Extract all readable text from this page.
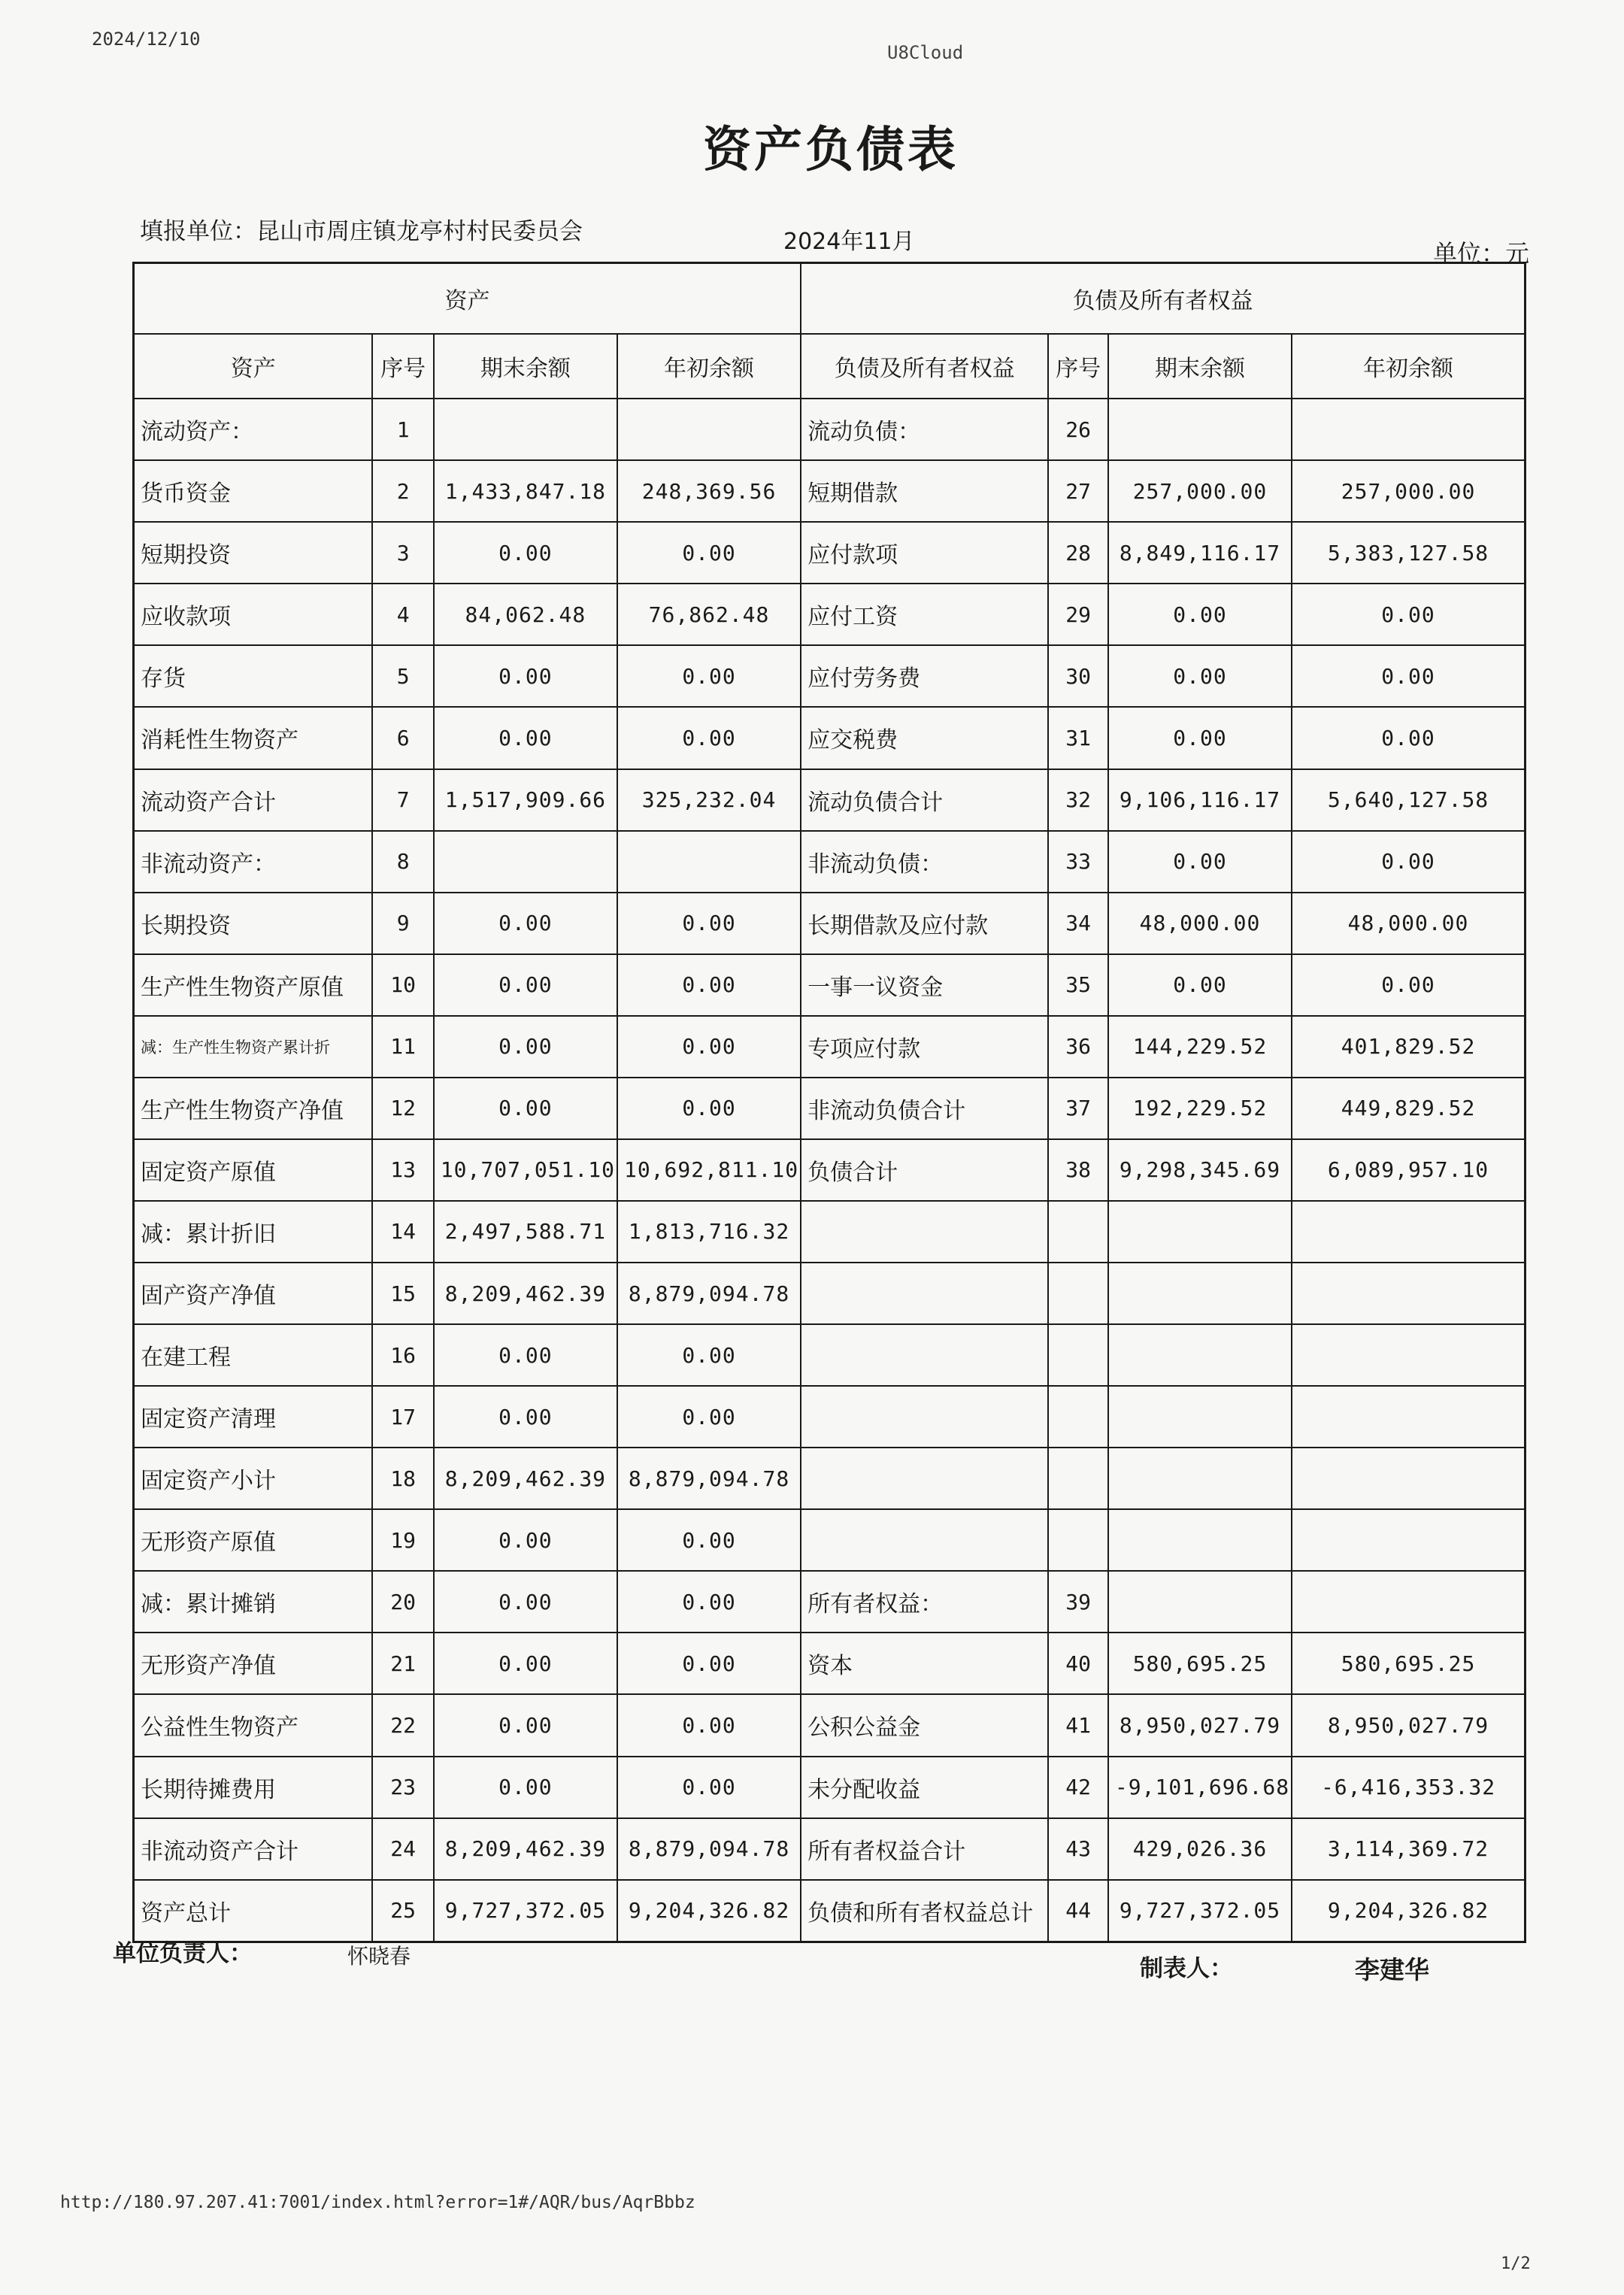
2024/12/10
U8Cloud
资产负债表
填报单位：昆山市周庄镇龙亭村村民委员会	2024年11月	单位：元
资产				负债及所有者权益			
资产	序号	期末余额	年初余额	负债及所有者权益	序号	期末余额	年初余额
流动资产：	1			流动负债：	26		
货币资金	2	1,433,847.18	248,369.56	短期借款	27	257,000.00	257,000.00
短期投资	3	0.00	0.00	应付款项	28	8,849,116.17	5,383,127.58
应收款项	4	84,062.48	76,862.48	应付工资	29	0.00	0.00
存货	5	0.00	0.00	应付劳务费	30	0.00	0.00
消耗性生物资产	6	0.00	0.00	应交税费	31	0.00	0.00
流动资产合计	7	1,517,909.66	325,232.04	流动负债合计	32	9,106,116.17	5,640,127.58
非流动资产：	8			非流动负债：	33	0.00	0.00
长期投资	9	0.00	0.00	长期借款及应付款	34	48,000.00	48,000.00
生产性生物资产原值	10	0.00	0.00	一事一议资金	35	0.00	0.00
减：生产性生物资产累计折	11	0.00	0.00	专项应付款	36	144,229.52	401,829.52
生产性生物资产净值	12	0.00	0.00	非流动负债合计	37	192,229.52	449,829.52
固定资产原值	13	10,707,051.10	10,692,811.10	负债合计	38	9,298,345.69	6,089,957.10
减：累计折旧	14	2,497,588.71	1,813,716.32				
固产资产净值	15	8,209,462.39	8,879,094.78				
在建工程	16	0.00	0.00				
固定资产清理	17	0.00	0.00				
固定资产小计	18	8,209,462.39	8,879,094.78				
无形资产原值	19	0.00	0.00				
减：累计摊销	20	0.00	0.00	所有者权益：	39		
无形资产净值	21	0.00	0.00	资本	40	580,695.25	580,695.25
公益性生物资产	22	0.00	0.00	公积公益金	41	8,950,027.79	8,950,027.79
长期待摊费用	23	0.00	0.00	未分配收益	42	-9,101,696.68	-6,416,353.32
非流动资产合计	24	8,209,462.39	8,879,094.78	所有者权益合计	43	429,026.36	3,114,369.72
资产总计	25	9,727,372.05	9,204,326.82	负债和所有者权益总计	44	9,727,372.05	9,204,326.82
单位负责人：	怀晓春	制表人：	李建华
http://180.97.207.41:7001/index.html?error=1#/AQR/bus/AqrBbbz
1/2
